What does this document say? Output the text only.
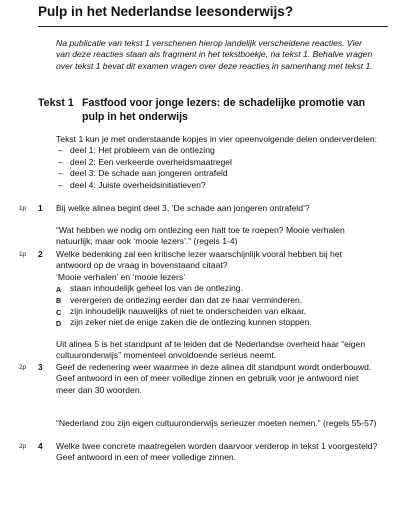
Pulp in het Nederlandse leesonderwijs?
Na publicatie van tekst 1 verschenen hierop landelijk verscheidene reacties. Vier van deze reacties staan als fragment in het tekstboekje, na tekst 1. Behalve vragen over tekst 1 bevat dit examen vragen over deze reacties in samenhang met tekst 1.
Tekst 1 Fastfood voor jonge lezers: de schadelijke promotie van pulp in het onderwijs
Tekst 1 kun je met onderstaande kopjes in vier opeenvolgende delen onderverdelen:
– deel 1: Het probleem van de ontlezing
– deel 2: Een verkeerde overheidsmaatregel
– deel 3: De schade aan jongeren ontrafeld
– deel 4: Juiste overheidsinitiatieven?
1p 1 Bij welke alinea begint deel 3, ‘De schade aan jongeren ontrafeld’?
“Wat hebben we nodig om ontlezing een halt toe te roepen? Mooie verhalen natuurlijk, maar ook ‘mooie lezers’.” (regels 1-4)
1p 2 Welke bedenking zal een kritische lezer waarschijnlijk vooral hebben bij het antwoord op de vraag in bovenstaand citaat?
‘Mooie verhalen’ en ‘mooie lezers’
A staan inhoudelijk geheel los van de ontlezing.
B verergeren de ontlezing eerder dan dat ze haar verminderen.
C zijn inhoudelijk nauwelijks of niet te onderscheiden van elkaar.
D zijn zeker niet de enige zaken die de ontlezing kunnen stoppen.
Uit alinea 5 is het standpunt af te leiden dat de Nederlandse overheid haar “eigen cultuuronderwijs” momenteel onvoldoende serieus neemt.
2p 3 Geef de redenering weer waarmee in deze alinea dit standpunt wordt onderbouwd.
Geef antwoord in een of meer volledige zinnen en gebruik voor je antwoord niet meer dan 30 woorden.
“Nederland zou zijn eigen cultuuronderwijs serieuzer moeten nemen.” (regels 55-57)
2p 4 Welke twee concrete maatregelen worden daarvoor verderop in tekst 1 voorgesteld?
Geef antwoord in een of meer volledige zinnen.
